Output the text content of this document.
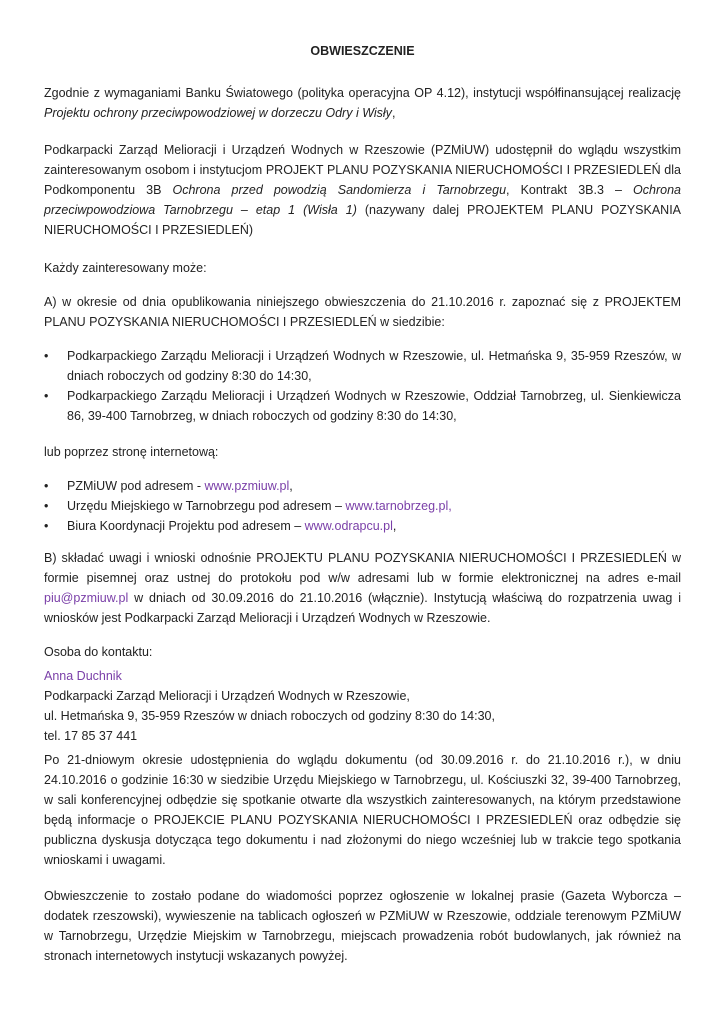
OBWIESZCZENIE
Zgodnie z wymaganiami Banku Światowego (polityka operacyjna OP 4.12), instytucji współfinansującej realizację Projektu ochrony przeciwpowodziowej w dorzeczu Odry i Wisły,
Podkarpacki Zarząd Melioracji i Urządzeń Wodnych w Rzeszowie (PZMiUW) udostępnił do wglądu wszystkim zainteresowanym osobom i instytucjom PROJEKT PLANU POZYSKANIA NIERUCHOMOŚCI I PRZESIEDLEŃ dla Podkomponentu 3B Ochrona przed powodzią Sandomierza i Tarnobrzegu, Kontrakt 3B.3 – Ochrona przeciwpowodziowa Tarnobrzegu – etap 1 (Wisła 1) (nazywany dalej PROJEKTEM PLANU POZYSKANIA NIERUCHOMOŚCI I PRZESIEDLEŃ)
Każdy zainteresowany może:
A) w okresie od dnia opublikowania niniejszego obwieszczenia do 21.10.2016 r. zapoznać się z PROJEKTEM PLANU POZYSKANIA NIERUCHOMOŚCI I PRZESIEDLEŃ w siedzibie:
• Podkarpackiego Zarządu Melioracji i Urządzeń Wodnych w Rzeszowie, ul. Hetmańska 9, 35-959 Rzeszów, w dniach roboczych od godziny 8:30 do 14:30,
• Podkarpackiego Zarządu Melioracji i Urządzeń Wodnych w Rzeszowie, Oddział Tarnobrzeg, ul. Sienkiewicza 86, 39-400 Tarnobrzeg, w dniach roboczych od godziny 8:30 do 14:30,
lub poprzez stronę internetową:
• PZMiUW pod adresem - www.pzmiuw.pl,
• Urzędu Miejskiego w Tarnobrzegu pod adresem – www.tarnobrzeg.pl,
• Biura Koordynacji Projektu pod adresem – www.odrapcu.pl,
B) składać uwagi i wnioski odnośnie PROJEKTU PLANU POZYSKANIA NIERUCHOMOŚCI I PRZESIEDLEŃ w formie pisemnej oraz ustnej do protokołu pod w/w adresami lub w formie elektronicznej na adres e-mail piu@pzmiuw.pl w dniach od 30.09.2016 do 21.10.2016 (włącznie). Instytucją właściwą do rozpatrzenia uwag i wniosków jest Podkarpacki Zarząd Melioracji i Urządzeń Wodnych w Rzeszowie.
Osoba do kontaktu:
Anna Duchnik
Podkarpacki Zarząd Melioracji i Urządzeń Wodnych w Rzeszowie,
ul. Hetmańska 9, 35-959 Rzeszów w dniach roboczych od godziny 8:30 do 14:30,
tel. 17 85 37 441
Po 21-dniowym okresie udostępnienia do wglądu dokumentu (od 30.09.2016 r. do 21.10.2016 r.), w dniu 24.10.2016 o godzinie 16:30 w siedzibie Urzędu Miejskiego w Tarnobrzegu, ul. Kościuszki 32, 39-400 Tarnobrzeg, w sali konferencyjnej odbędzie się spotkanie otwarte dla wszystkich zainteresowanych, na którym przedstawione będą informacje o PROJEKCIE PLANU POZYSKANIA NIERUCHOMOŚCI I PRZESIEDLEŃ oraz odbędzie się publiczna dyskusja dotycząca tego dokumentu i nad złożonymi do niego wcześniej lub w trakcie tego spotkania wnioskami i uwagami.
Obwieszczenie to zostało podane do wiadomości poprzez ogłoszenie w lokalnej prasie (Gazeta Wyborcza – dodatek rzeszowski), wywieszenie na tablicach ogłoszeń w PZMiUW w Rzeszowie, oddziale terenowym PZMiUW w Tarnobrzegu, Urzędzie Miejskim w Tarnobrzegu, miejscach prowadzenia robót budowlanych, jak również na stronach internetowych instytucji wskazanych powyżej.
